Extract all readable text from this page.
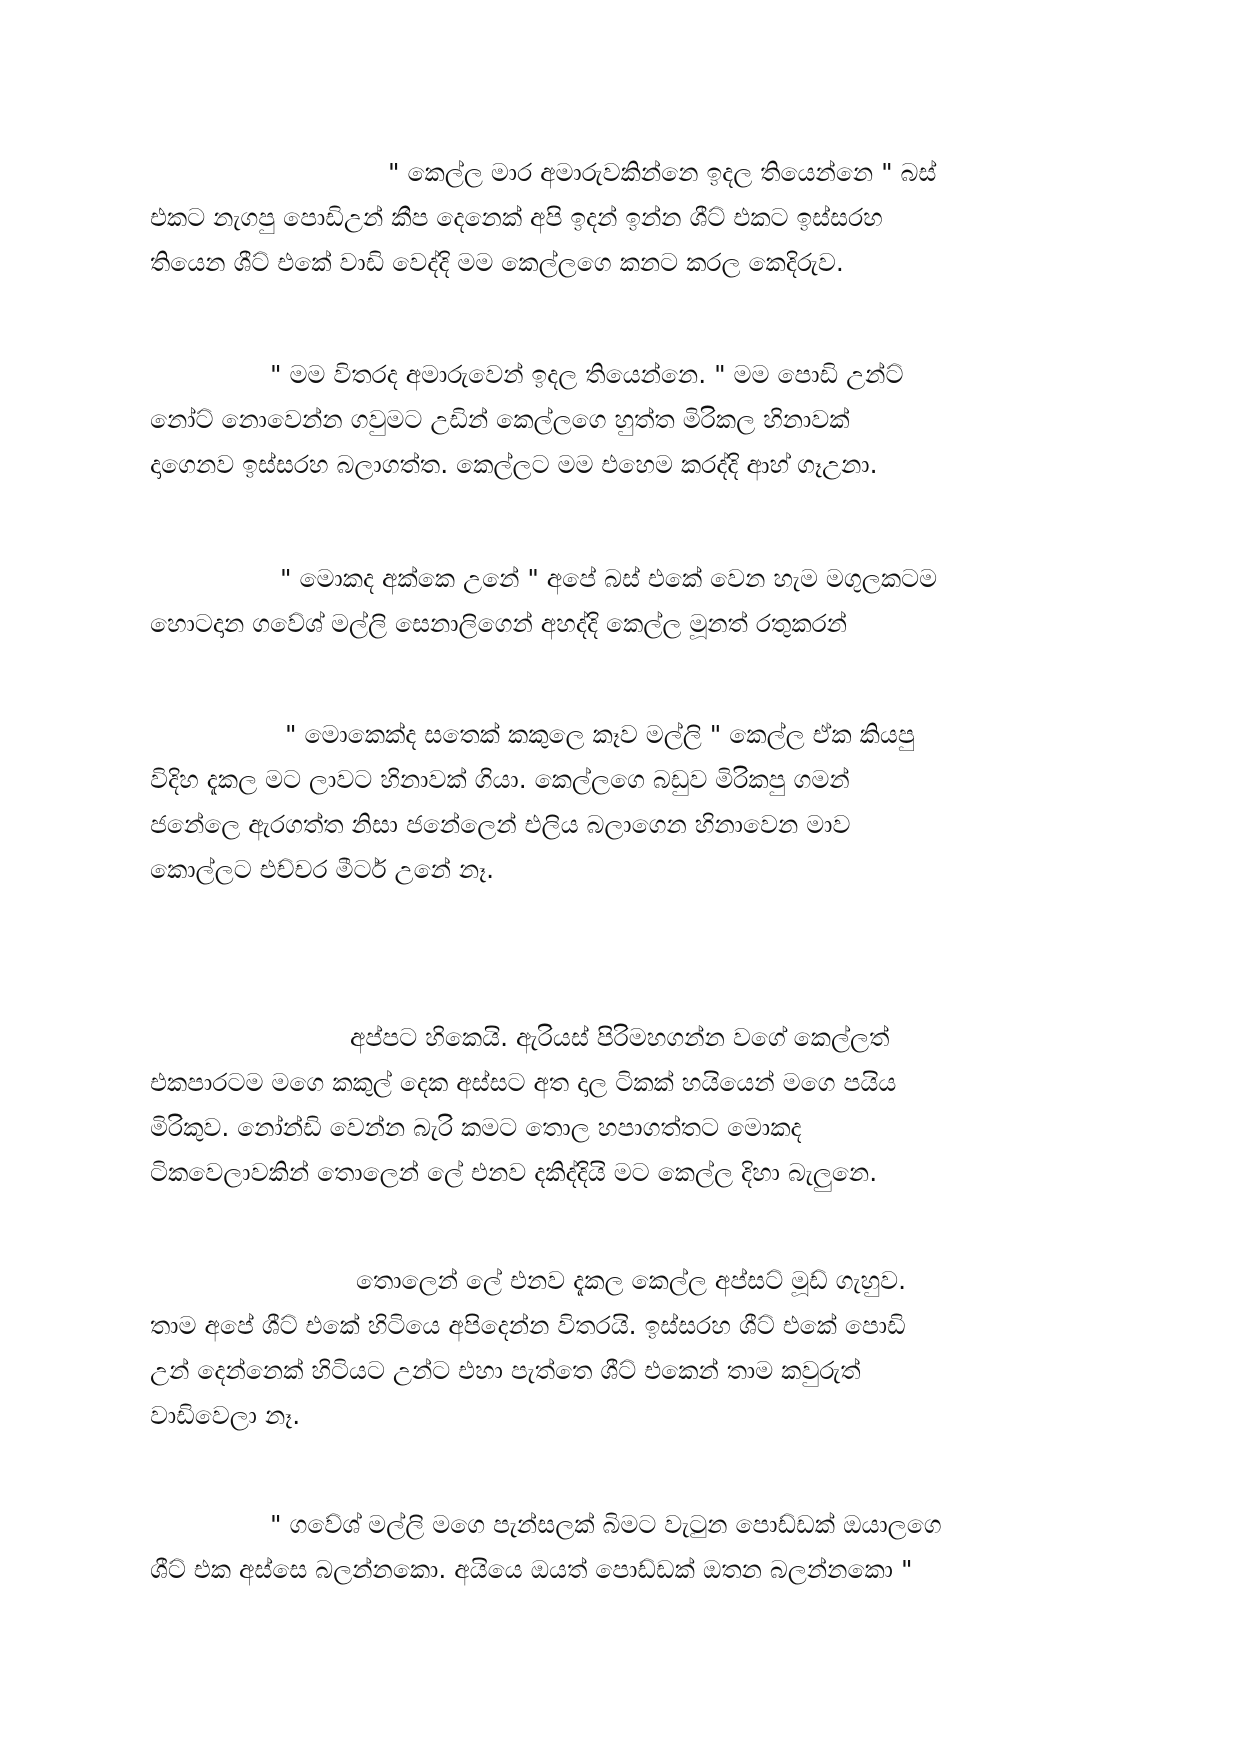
" කෙල්ල මාර අමාරුවකින්නෙ ඉදල තියෙන්නෙ " බස්
එකට නැගපු පොඩිඋන් කීප දෙනෙක් අපි ඉදන් ඉන්න ශීට් එකට ඉස්සරහ
තියෙන ශීට් එකේ වාඩි වෙද්දි මම කෙල්ලගෙ කනට කරල කෙදිරුව.

" මම විතරද අමාරුවෙන් ඉදල තියෙන්නෙ. " මම පොඩි උන්ට්
නෝට් නොවෙන්න ගවුමට උඩින් කෙල්ලගෙ හුත්ත මිරිකල හිනාවක්
දාගෙනව ඉස්සරහ බලාගත්ත. කෙල්ලට මම එහෙම කරද්දි ආහ් ගෑඋනා.

" මොකද අක්කෙ උනේ " අපේ බස් එකේ වෙන හැම මගුලකටම
හොටදාන ගවේශ් මල්ලි සෙනාලිගෙන් අහද්දි කෙල්ල මූනත් රතුකරන්

" මොකෙක්ද සතෙක් කකුලෙ කෑව මල්ලි " කෙල්ල ඒක කියපු
විදිහ දැකල මට ලාවට හිනාවක් ගියා. කෙල්ලගෙ බඩුව මිරිකපු ගමන්
ජනේලෙ ඇරගත්ත නිසා ජනේලෙන් එලිය බලාගෙන හිනාවෙන මාව
කොල්ලට එච්චර මීටර් උනේ නෑ.

අප්පට හිකෙයි. ඇරියස් පිරිමහගන්න වගේ කෙල්ලත්
එකපාරටම මගෙ කකුල් දෙක අස්සට අත දාල ටිකක් හයියෙන් මගෙ පයිය
මිරිකුව. නෝන්ඩි වෙන්න බැරි කමට තොල හපාගත්තට මොකද
ටිකවෙලාවකින් තොලෙන් ලේ එනව දකිද්දියි මට කෙල්ල දිහා බැලුනෙ.

තොලෙන් ලේ එනව දැකල කෙල්ල අප්සට් මූඩ් ගැහුව.
තාම අපේ ශීට් එකේ හිටියෙ අපිදෙන්න විතරයි. ඉස්සරහ ශීට් එකේ පොඩි
උන් දෙන්නෙක් හිටියට උන්ට එහා පැත්තෙ ශීට් එකෙන් තාම කවුරුත්
වාඩිවෙලා නෑ.

" ගවේශ් මල්ලි මගෙ පැන්සලක් බිමට වැටුන පොඩ්ඩක් ඔයාලගෙ
ශීට් එක අස්සෙ බලන්නකො. අයියෙ ඔයත් පොඩ්ඩක් ඔතන බලන්නකො "
